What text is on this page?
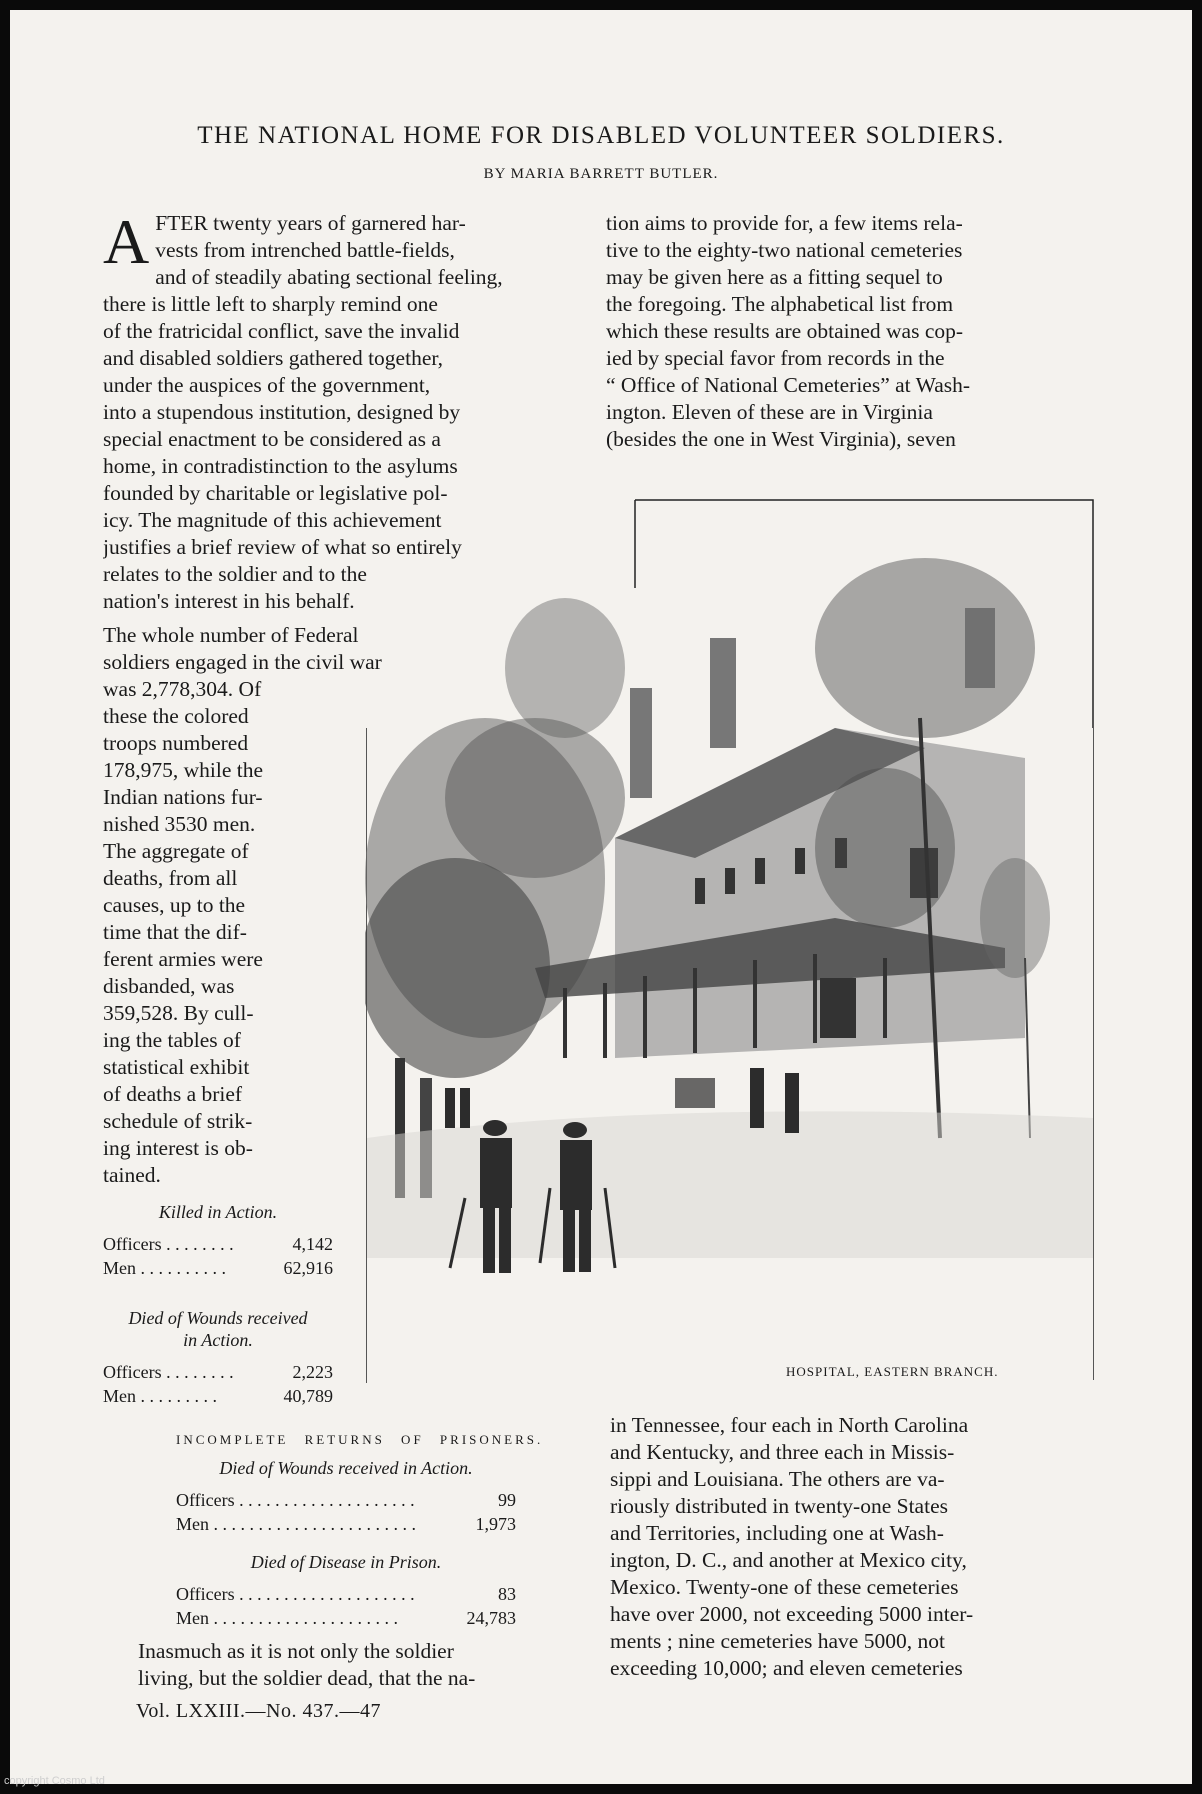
THE NATIONAL HOME FOR DISABLED VOLUNTEER SOLDIERS.
BY MARIA BARRETT BUTLER.
A FTER twenty years of garnered har-
vests from intrenched battle-fields,
and of steadily abating sectional feeling,
there is little left to sharply remind one
of the fratricidal conflict, save the invalid
and disabled soldiers gathered together,
under the auspices of the government,
into a stupendous institution, designed by
special enactment to be considered as a
home, in contradistinction to the asylums
founded by charitable or legislative pol-
icy. The magnitude of this achievement
justifies a brief review of what so entirely
relates to the soldier and to the
nation's interest in his behalf.
The whole number of Federal
soldiers engaged in the civil war
was 2,778,304. Of
these the colored
troops numbered
178,975, while the
Indian nations fur-
nished 3530 men.
The aggregate of
deaths, from all
causes, up to the
time that the dif-
ferent armies were
disbanded, was
359,528. By cull-
ing the tables of
statistical exhibit
of deaths a brief
schedule of strik-
ing interest is ob-
tained.
Killed in Action.
Officers . . . . . . . .	4,142
Men . . . . . . . . . .	62,916
Died of Wounds received
in Action.
Officers . . . . . . . .	2,223
Men . . . . . . . . .	40,789
INCOMPLETE RETURNS OF PRISONERS.
Died of Wounds received in Action.
Officers . . . . . . . . . . . . . . . . . . . .	99
Men . . . . . . . . . . . . . . . . . . . . . . .	1,973
Died of Disease in Prison.
Officers . . . . . . . . . . . . . . . . . . . .	83
Men . . . . . . . . . . . . . . . . . . . . .	24,783
Inasmuch as it is not only the soldier
living, but the soldier dead, that the na-
tion aims to provide for, a few items rela-
tive to the eighty-two national cemeteries
may be given here as a fitting sequel to
the foregoing. The alphabetical list from
which these results are obtained was cop-
ied by special favor from records in the
“ Office of National Cemeteries” at Wash-
ington. Eleven of these are in Virginia
(besides the one in West Virginia), seven
in Tennessee, four each in North Carolina
and Kentucky, and three each in Missis-
sippi and Louisiana. The others are va-
riously distributed in twenty-one States
and Territories, including one at Wash-
ington, D. C., and another at Mexico city,
Mexico. Twenty-one of these cemeteries
have over 2000, not exceeding 5000 inter-
ments ; nine cemeteries have 5000, not
exceeding 10,000; and eleven cemeteries
HOSPITAL, EASTERN BRANCH.
Vol. LXXIII.—No. 437.—47
copyright Cosmo Ltd
